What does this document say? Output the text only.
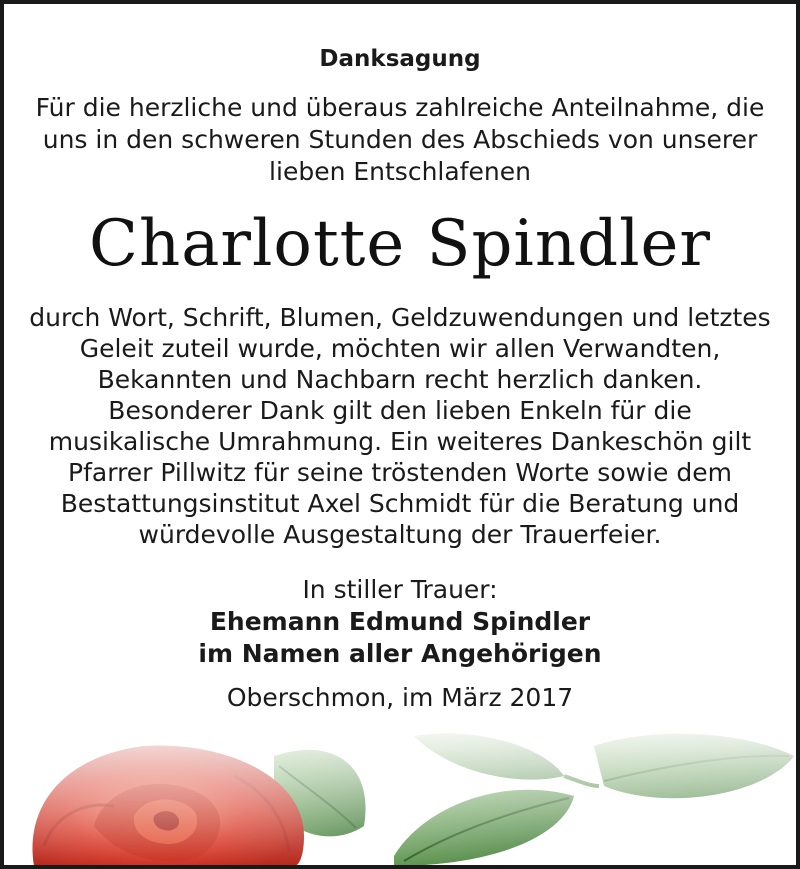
Danksagung
Für die herzliche und überaus zahlreiche Anteilnahme, die
uns in den schweren Stunden des Abschieds von unserer
lieben Entschlafenen
Charlotte Spindler
durch Wort, Schrift, Blumen, Geldzuwendungen und letztes
Geleit zuteil wurde, möchten wir allen Verwandten,
Bekannten und Nachbarn recht herzlich danken.
Besonderer Dank gilt den lieben Enkeln für die
musikalische Umrahmung. Ein weiteres Dankeschön gilt
Pfarrer Pillwitz für seine tröstenden Worte sowie dem
Bestattungsinstitut Axel Schmidt für die Beratung und
würdevolle Ausgestaltung der Trauerfeier.
In stiller Trauer:
Ehemann Edmund Spindler
im Namen aller Angehörigen
Oberschmon, im März 2017
